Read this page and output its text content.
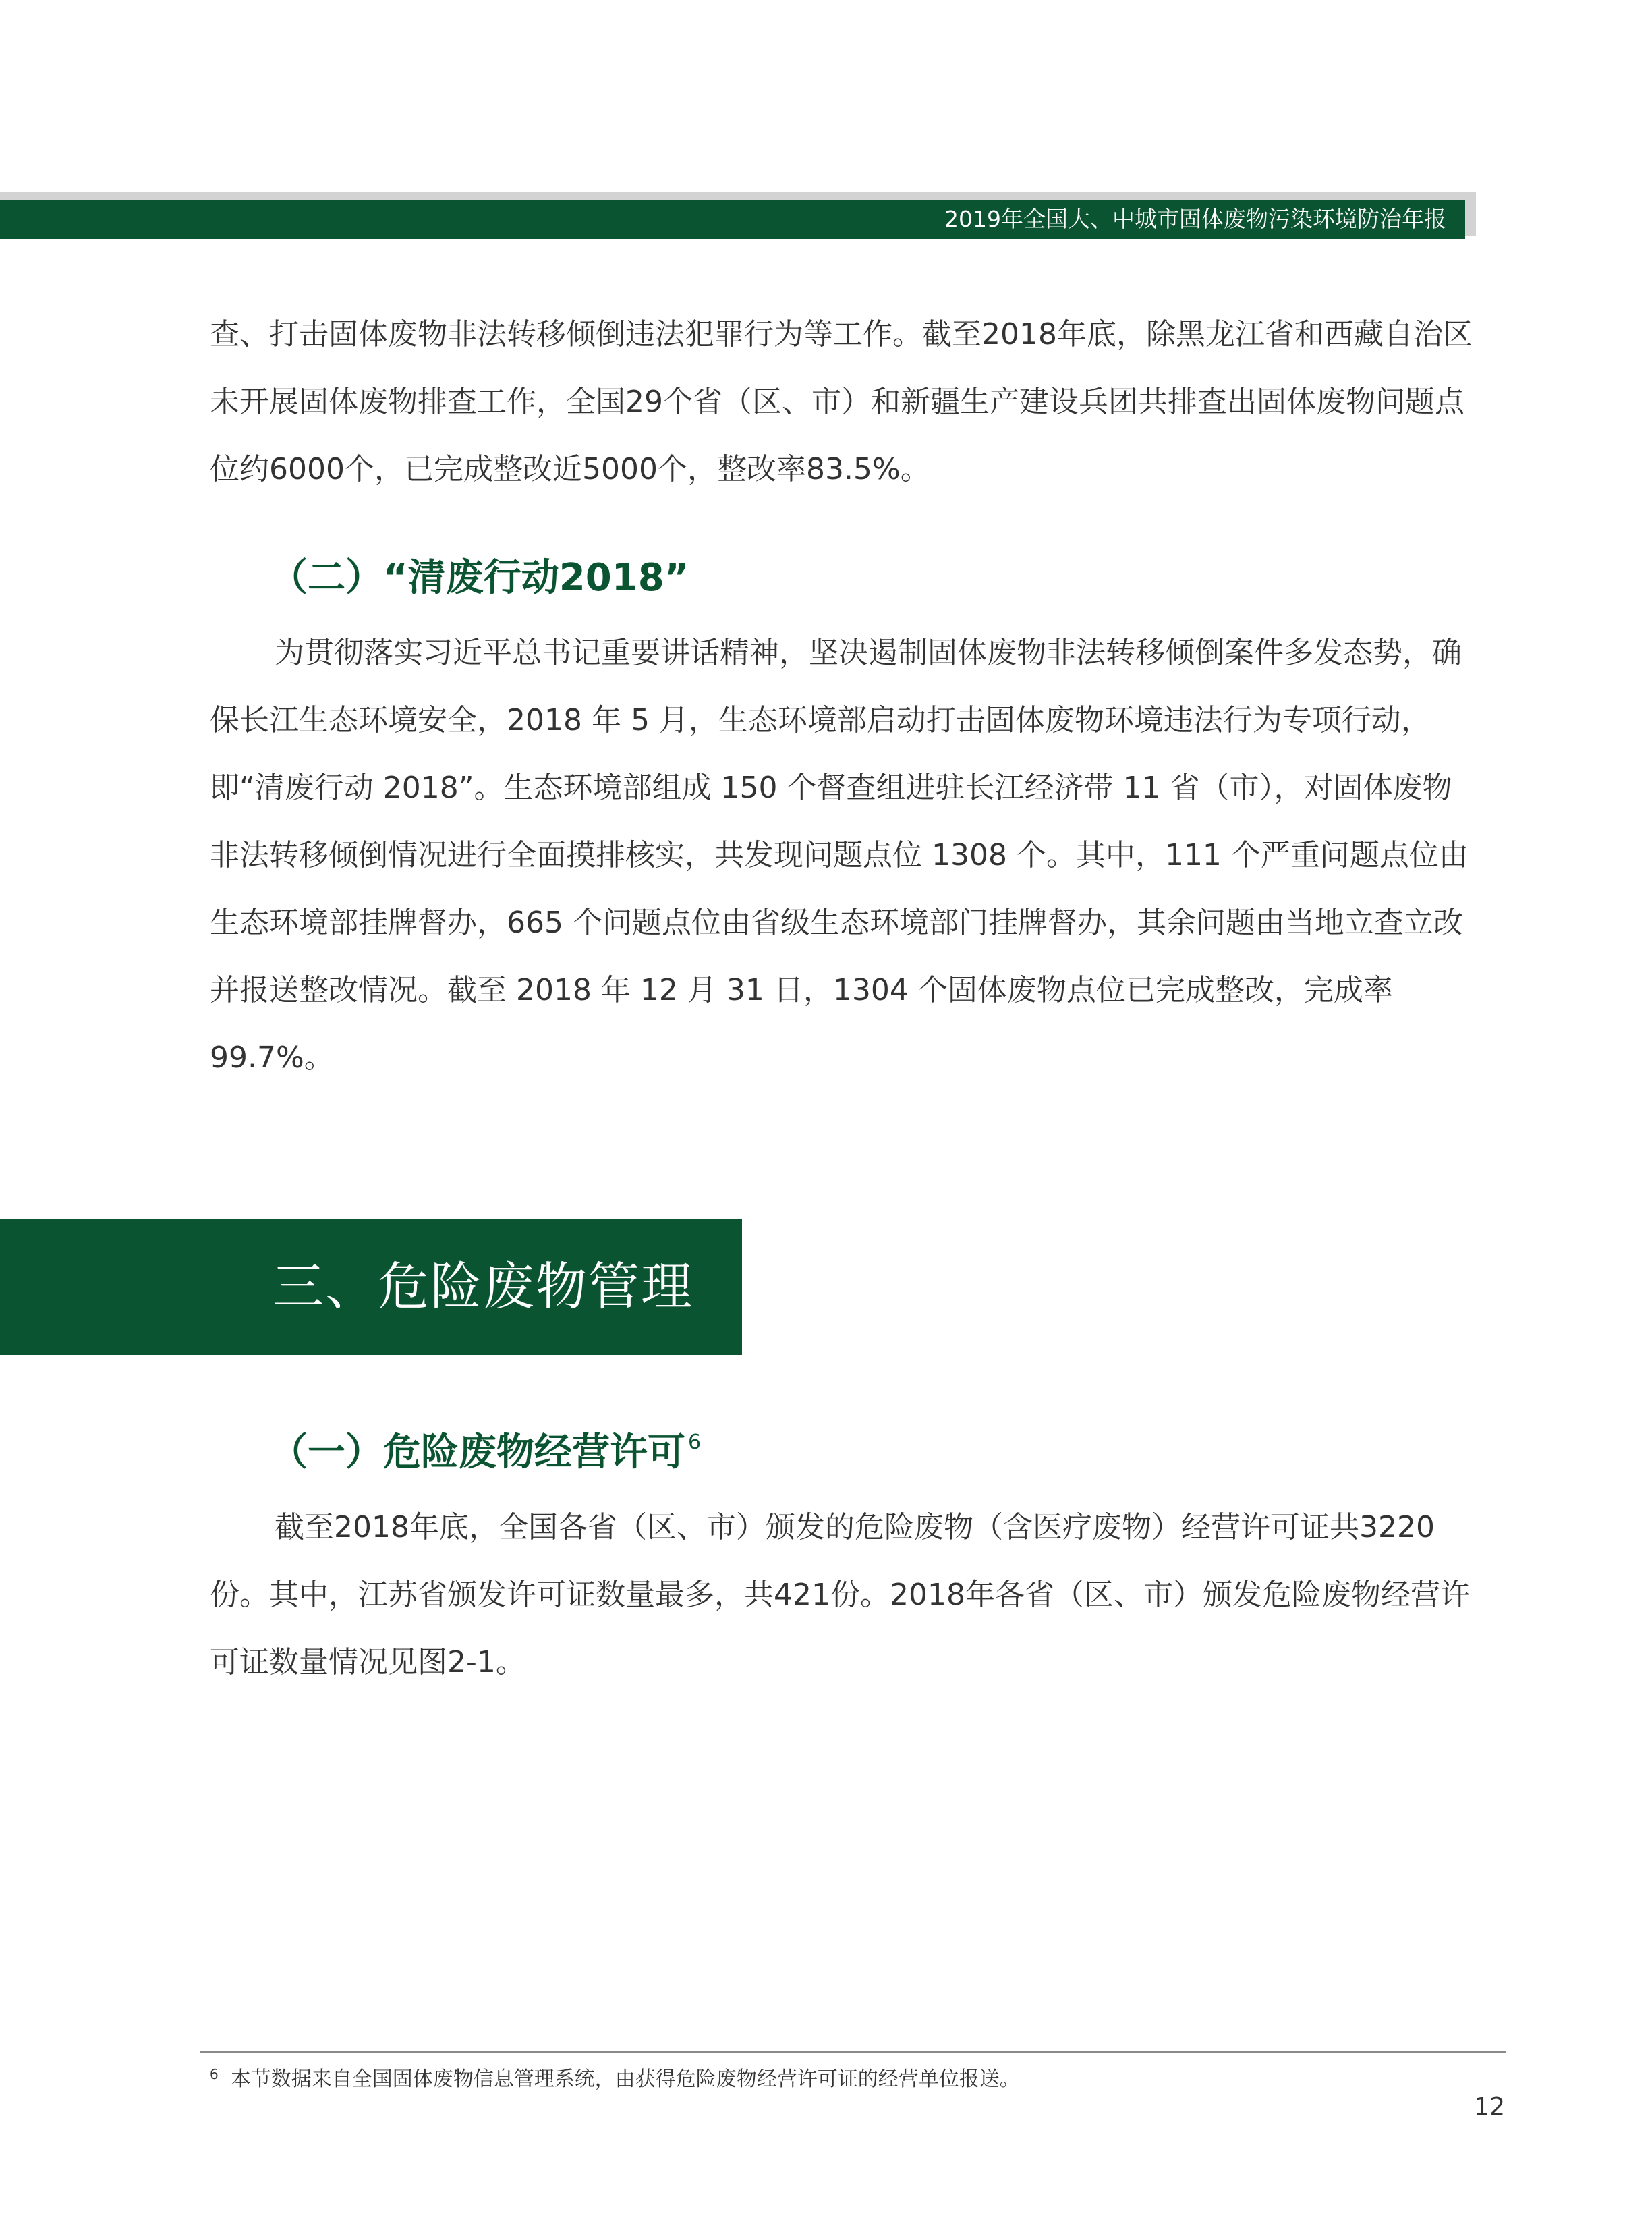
2019年全国大、中城市固体废物污染环境防治年报

查、打击固体废物非法转移倾倒违法犯罪行为等工作。截至2018年底，除黑龙江省和西藏自治区未开展固体废物排查工作，全国29个省（区、市）和新疆生产建设兵团共排查出固体废物问题点位约6000个，已完成整改近5000个，整改率83.5%。

（二）“清废行动2018”

为贯彻落实习近平总书记重要讲话精神，坚决遏制固体废物非法转移倾倒案件多发态势，确保长江生态环境安全，2018 年 5 月，生态环境部启动打击固体废物环境违法行为专项行动，即“清废行动 2018”。生态环境部组成 150 个督查组进驻长江经济带 11 省（市），对固体废物非法转移倾倒情况进行全面摸排核实，共发现问题点位 1308 个。其中，111 个严重问题点位由生态环境部挂牌督办，665 个问题点位由省级生态环境部门挂牌督办，其余问题由当地立查立改并报送整改情况。截至 2018 年 12 月 31 日，1304 个固体废物点位已完成整改，完成率 99.7%。

三、危险废物管理

（一）危险废物经营许可 $^6$

截至2018年底，全国各省（区、市）颁发的危险废物（含医疗废物）经营许可证共3220份。其中，江苏省颁发许可证数量最多，共421份。2018年各省（区、市）颁发危险废物经营许可证数量情况见图2-1。

$^6$ 本节数据来自全国固体废物信息管理系统，由获得危险废物经营许可证的经营单位报送。
12
